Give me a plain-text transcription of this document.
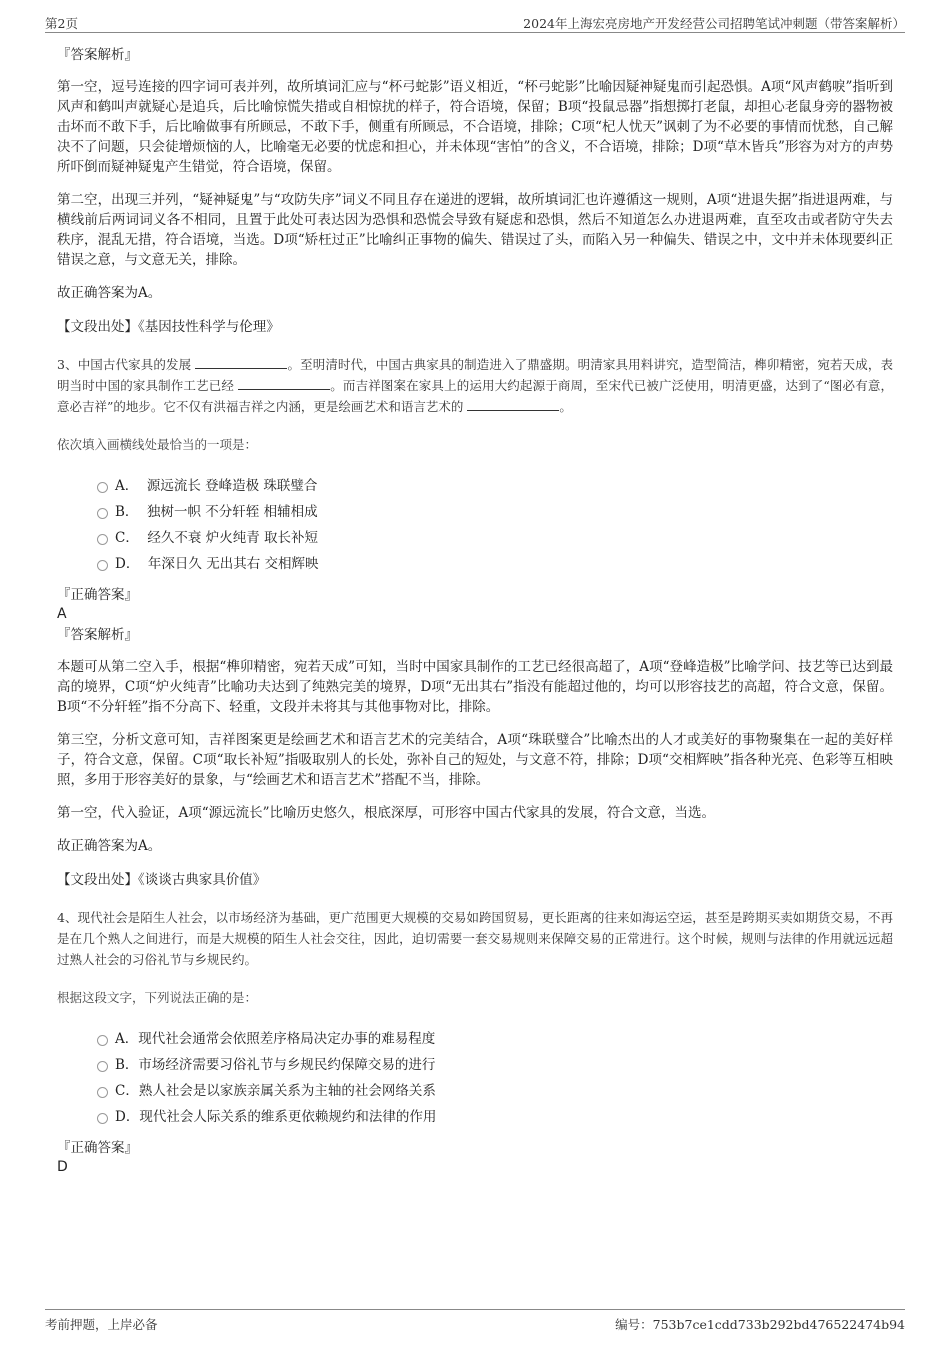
第2页	2024年上海宏亮房地产开发经营公司招聘笔试冲刺题（带答案解析）

『答案解析』

第一空，逗号连接的四字词可表并列，故所填词汇应与“杯弓蛇影”语义相近，“杯弓蛇影”比喻因疑神疑鬼而引起恐惧。A项“风声鹤唳”指听到风声和鹤叫声就疑心是追兵，后比喻惊慌失措或自相惊扰的样子，符合语境，保留；B项“投鼠忌器”指想掷打老鼠，却担心老鼠身旁的器物被击坏而不敢下手，后比喻做事有所顾忌，不敢下手，侧重有所顾忌，不合语境，排除；C项“杞人忧天”讽刺了为不必要的事情而忧愁，自己解决不了问题，只会徒增烦恼的人，比喻毫无必要的忧虑和担心，并未体现“害怕”的含义，不合语境，排除；D项“草木皆兵”形容为对方的声势所吓倒而疑神疑鬼产生错觉，符合语境，保留。

第二空，出现三并列，“疑神疑鬼”与“攻防失序”词义不同且存在递进的逻辑，故所填词汇也许遵循这一规则，A项“进退失据”指进退两难，与横线前后两词词义各不相同，且置于此处可表达因为恐惧和恐慌会导致有疑虑和恐惧，然后不知道怎么办进退两难，直至攻击或者防守失去秩序，混乱无措，符合语境，当选。D项“矫枉过正”比喻纠正事物的偏失、错误过了头，而陷入另一种偏失、错误之中，文中并未体现要纠正错误之意，与文意无关，排除。

故正确答案为A。

【文段出处】《基因技性科学与伦理》

3、中国古代家具的发展	。至明清时代，中国古典家具的制造进入了鼎盛期。明清家具用料讲究，造型简洁，榫卯精密，宛若天成，表明当时中国的家具制作工艺已经	。而吉祥图案在家具上的运用大约起源于商周，至宋代已被广泛使用，明清更盛，达到了“图必有意，意必吉祥”的地步。它不仅有洪福吉祥之内涵，更是绘画艺术和语言艺术的	。

依次填入画横线处最恰当的一项是：

A．  源远流长 登峰造极 珠联璧合
B．  独树一帜 不分轩轾 相辅相成
C．  经久不衰 炉火纯青 取长补短
D．  年深日久 无出其右 交相辉映

『正确答案』

A

『答案解析』

本题可从第二空入手，根据“榫卯精密，宛若天成”可知，当时中国家具制作的工艺已经很高超了，A项“登峰造极”比喻学问、技艺等已达到最高的境界，C项“炉火纯青”比喻功夫达到了纯熟完美的境界，D项“无出其右”指没有能超过他的，均可以形容技艺的高超，符合文意，保留。B项“不分轩轾”指不分高下、轻重，文段并未将其与其他事物对比，排除。

第三空，分析文意可知，吉祥图案更是绘画艺术和语言艺术的完美结合，A项“珠联璧合”比喻杰出的人才或美好的事物聚集在一起的美好样子，符合文意，保留。C项“取长补短”指吸取别人的长处，弥补自己的短处，与文意不符，排除；D项“交相辉映”指各种光亮、色彩等互相映照，多用于形容美好的景象，与“绘画艺术和语言艺术”搭配不当，排除。

第一空，代入验证，A项“源远流长”比喻历史悠久，根底深厚，可形容中国古代家具的发展，符合文意，当选。

故正确答案为A。

【文段出处】《谈谈古典家具价值》

4、现代社会是陌生人社会，以市场经济为基础，更广范围更大规模的交易如跨国贸易，更长距离的往来如海运空运，甚至是跨期买卖如期货交易，不再是在几个熟人之间进行，而是大规模的陌生人社会交往，因此，迫切需要一套交易规则来保障交易的正常进行。这个时候，规则与法律的作用就远远超过熟人社会的习俗礼节与乡规民约。

根据这段文字，下列说法正确的是：

A．现代社会通常会依照差序格局决定办事的难易程度
B．市场经济需要习俗礼节与乡规民约保障交易的进行
C．熟人社会是以家族亲属关系为主轴的社会网络关系
D．现代社会人际关系的维系更依赖规约和法律的作用

『正确答案』

D

考前押题，上岸必备	编号：753b7ce1cdd733b292bd476522474b94
